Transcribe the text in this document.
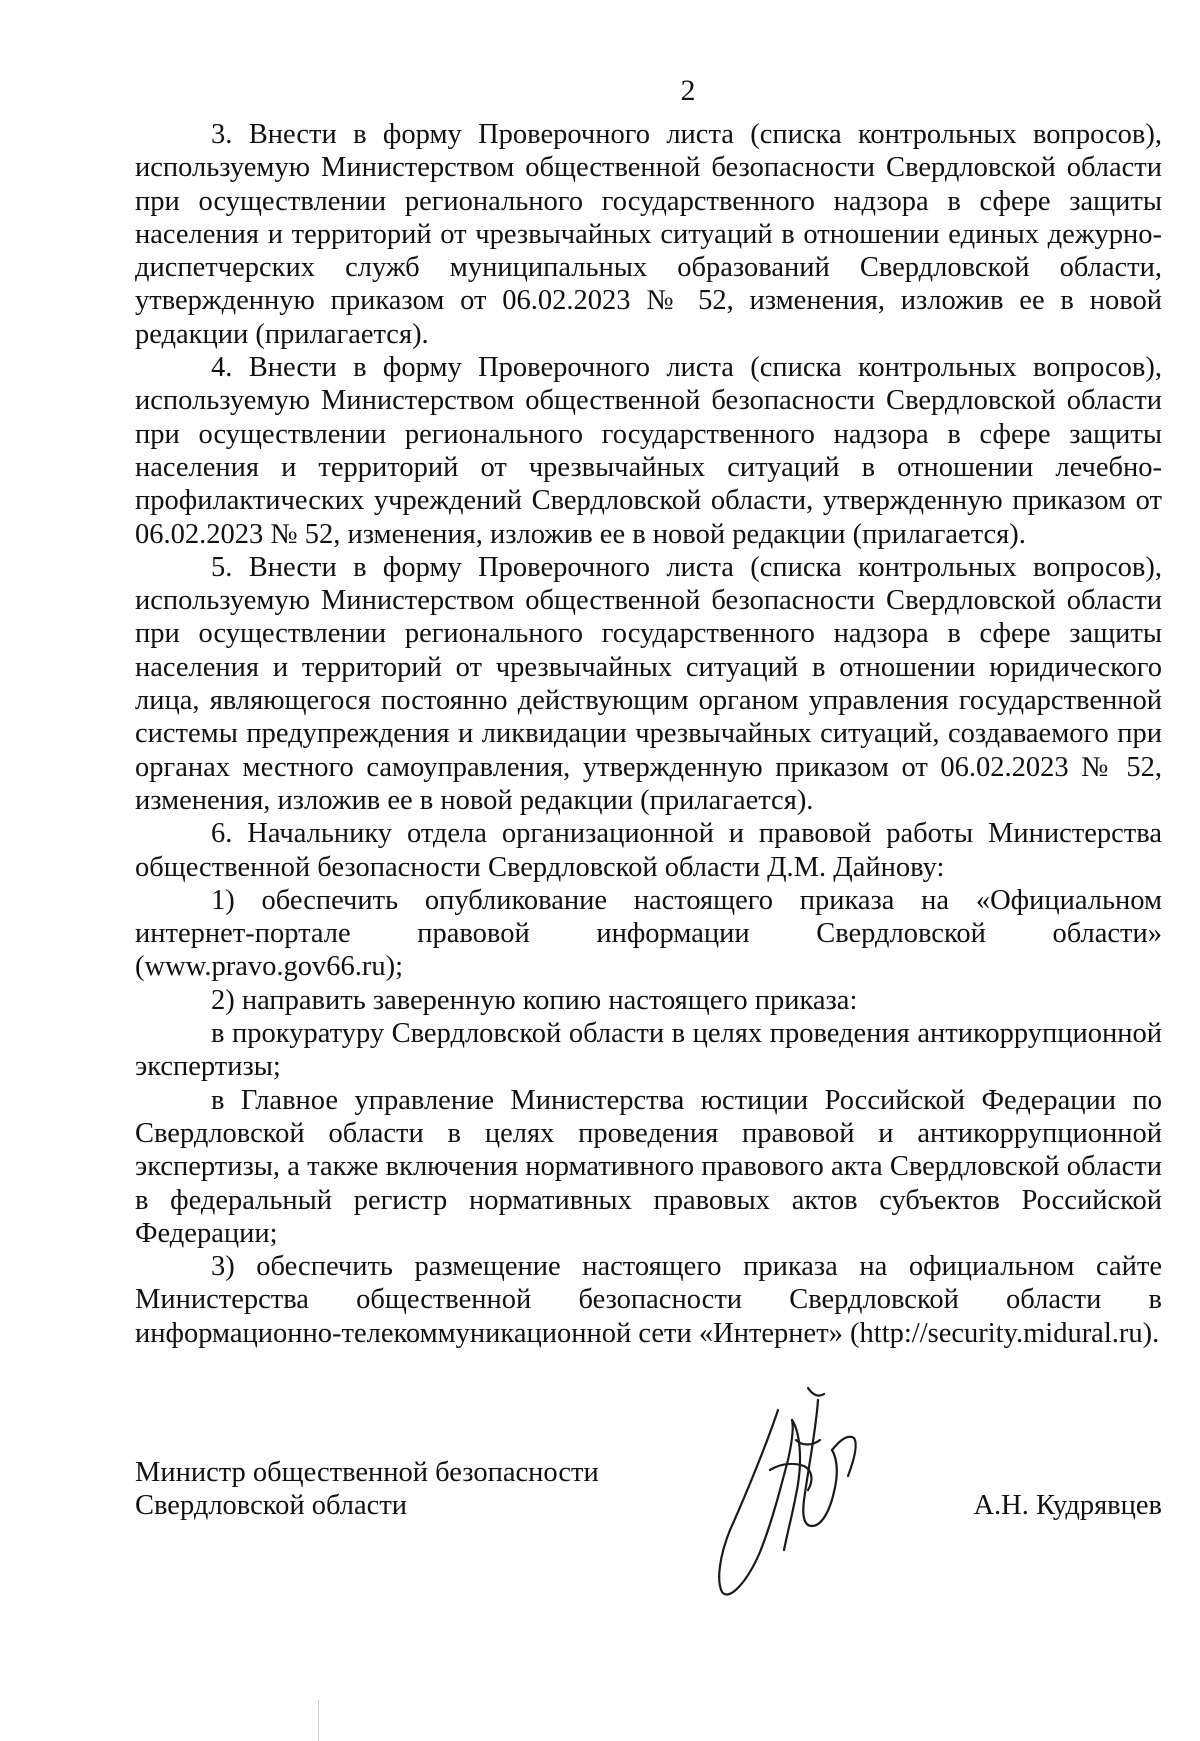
2

3. Внести в форму Проверочного листа (списка контрольных вопросов), используемую Министерством общественной безопасности Свердловской области при осуществлении регионального государственного надзора в сфере защиты населения и территорий от чрезвычайных ситуаций в отношении единых дежурно-диспетчерских служб муниципальных образований Свердловской области, утвержденную приказом от 06.02.2023 № 52, изменения, изложив ее в новой редакции (прилагается).

4. Внести в форму Проверочного листа (списка контрольных вопросов), используемую Министерством общественной безопасности Свердловской области при осуществлении регионального государственного надзора в сфере защиты населения и территорий от чрезвычайных ситуаций в отношении лечебно-профилактических учреждений Свердловской области, утвержденную приказом от 06.02.2023 № 52, изменения, изложив ее в новой редакции (прилагается).

5. Внести в форму Проверочного листа (списка контрольных вопросов), используемую Министерством общественной безопасности Свердловской области при осуществлении регионального государственного надзора в сфере защиты населения и территорий от чрезвычайных ситуаций в отношении юридического лица, являющегося постоянно действующим органом управления государственной системы предупреждения и ликвидации чрезвычайных ситуаций, создаваемого при органах местного самоуправления, утвержденную приказом от 06.02.2023 № 52, изменения, изложив ее в новой редакции (прилагается).

6. Начальнику отдела организационной и правовой работы Министерства общественной безопасности Свердловской области Д.М. Дайнову:

1) обеспечить опубликование настоящего приказа на «Официальном интернет-портале правовой информации Свердловской области» (www.pravo.gov66.ru);

2) направить заверенную копию настоящего приказа:

в прокуратуру Свердловской области в целях проведения антикоррупционной экспертизы;

в Главное управление Министерства юстиции Российской Федерации по Свердловской области в целях проведения правовой и антикоррупционной экспертизы, а также включения нормативного правового акта Свердловской области в федеральный регистр нормативных правовых актов субъектов Российской Федерации;

3) обеспечить размещение настоящего приказа на официальном сайте Министерства общественной безопасности Свердловской области в информационно-телекоммуникационной сети «Интернет» (http://security.midural.ru).

Министр общественной безопасности
Свердловской области	А.Н. Кудрявцев
